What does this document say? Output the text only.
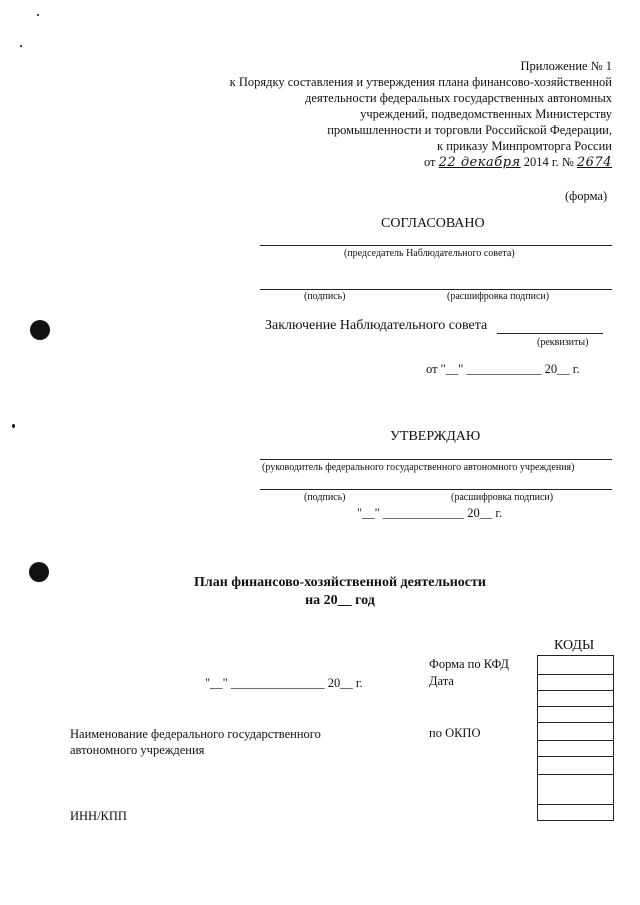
Приложение № 1
к Порядку составления и утверждения плана финансово-хозяйственной
деятельности федеральных государственных автономных
учреждений, подведомственных Министерству
промышленности и торговли Российской Федерации,
к приказу Минпромторга России
от 22 декабря 2014 г. № 2674
(форма)
СОГЛАСОВАНО
(председатель Наблюдательного совета)
(подпись)	(расшифровка подписи)
Заключение Наблюдательного совета
(реквизиты)
от "__" ____________ 20__ г.
УТВЕРЖДАЮ
(руководитель федерального государственного автономного учреждения)
(подпись)	(расшифровка подписи)
"__" _____________ 20__ г.
План финансово-хозяйственной деятельности
на 20__ год
КОДЫ
Форма по КФД
Дата
"__" _______________ 20__ г.
по ОКПО
Наименование федерального государственного
автономного учреждения
ИНН/КПП
